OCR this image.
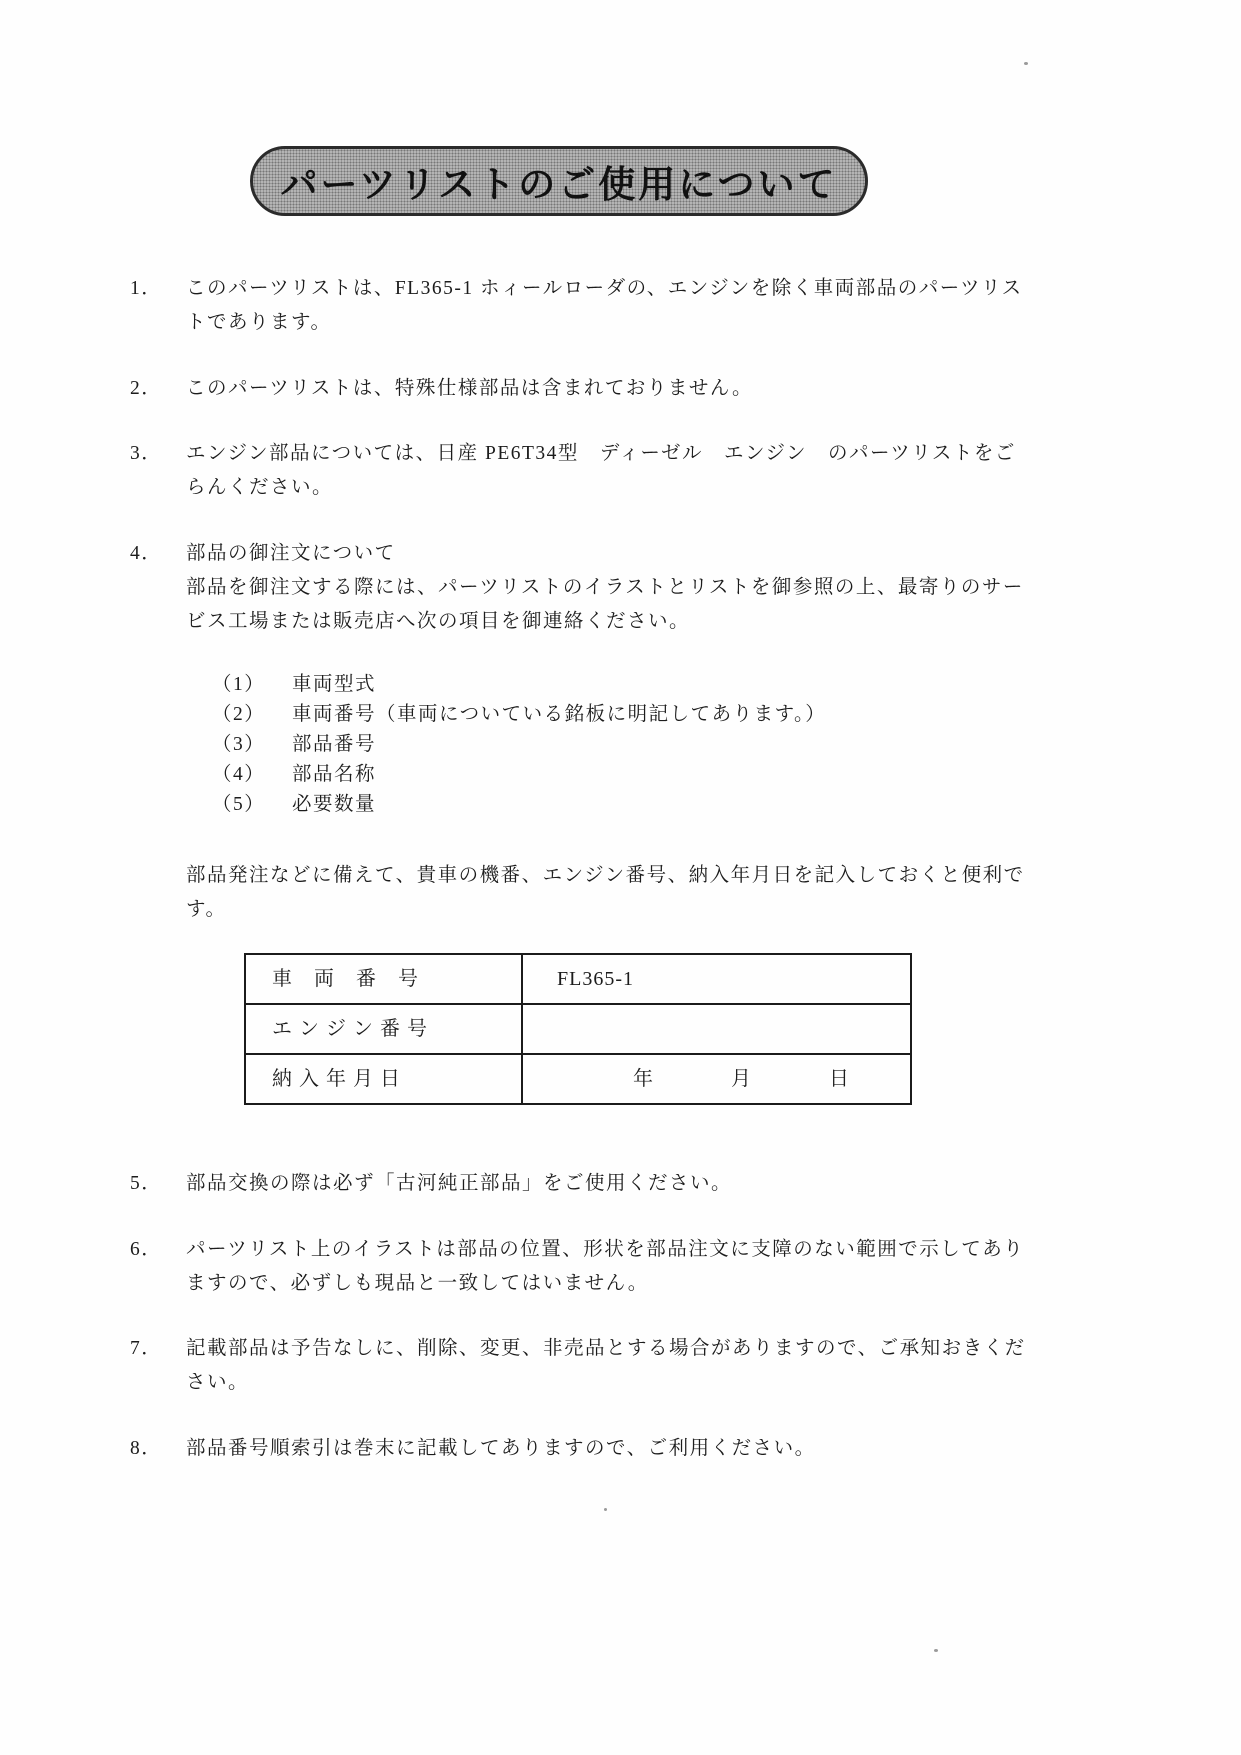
パーツリストのご使用について
1．	このパーツリストは、FL365-1 ホィールローダの、エンジンを除く車両部品のパーツリストであります。
2．	このパーツリストは、特殊仕様部品は含まれておりません。
3．	エンジン部品については、日産 PE6T34型　ディーゼル　エンジン　のパーツリストをごらんください。
4．	部品の御注文について
部品を御注文する際には、パーツリストのイラストとリストを御参照の上、最寄りのサービス工場または販売店へ次の項目を御連絡ください。
（1）	車両型式
（2）	車両番号（車両についている銘板に明記してあります。）
（3）	部品番号
（4）	部品名称
（5）	必要数量
部品発注などに備えて、貴車の機番、エンジン番号、納入年月日を記入しておくと便利です。
車　両　番　号	FL365-1
エ ン ジ ン 番 号	
納 入 年 月 日	年 月 日
5．	部品交換の際は必ず「古河純正部品」をご使用ください。
6．	パーツリスト上のイラストは部品の位置、形状を部品注文に支障のない範囲で示してありますので、必ずしも現品と一致してはいません。
7．	記載部品は予告なしに、削除、変更、非売品とする場合がありますので、ご承知おきください。
8．	部品番号順索引は巻末に記載してありますので、ご利用ください。
